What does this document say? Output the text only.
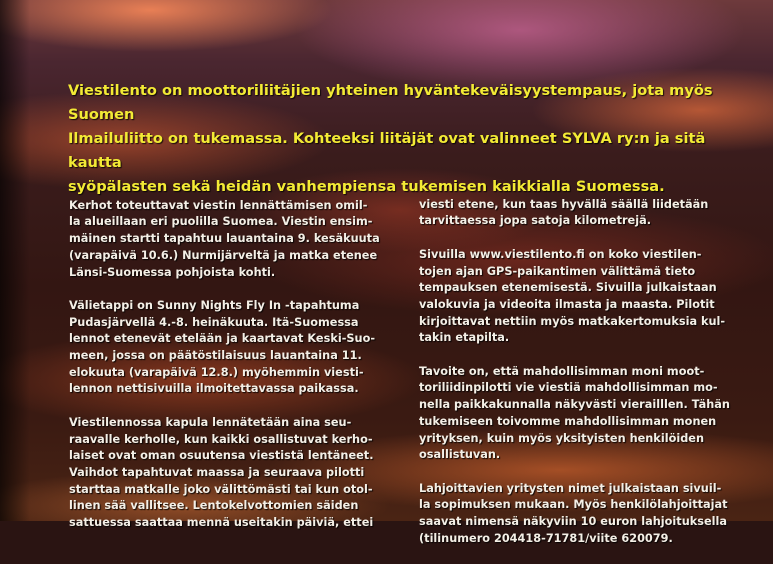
Viestilento on moottoriliitäjien yhteinen hyväntekeväisyystempaus, jota myös Suomen
Ilmailuliitto on tukemassa. Kohteeksi liitäjät ovat valinneet SYLVA ry:n ja sitä kautta
syöpälasten sekä heidän vanhempiensa tukemisen kaikkialla Suomessa.

Kerhot toteuttavat viestin lennättämisen omil-
la alueillaan eri puolilla Suomea. Viestin ensim-
mäinen startti tapahtuu lauantaina 9. kesäkuuta
(varapäivä 10.6.) Nurmijärveltä ja matka etenee
Länsi-Suomessa pohjoista kohti.

Välietappi on Sunny Nights Fly In -tapahtuma
Pudasjärvellä 4.-8. heinäkuuta. Itä-Suomessa
lennot etenevät etelään ja kaartavat Keski-Suo-
meen, jossa on päätöstilaisuus lauantaina 11.
elokuuta (varapäivä 12.8.) myöhemmin viesti-
lennon nettisivuilla ilmoitettavassa paikassa.

Viestilennossa kapula lennätetään aina seu-
raavalle kerholle, kun kaikki osallistuvat kerho-
laiset ovat oman osuutensa viestistä lentäneet.
Vaihdot tapahtuvat maassa ja seuraava pilotti
starttaa matkalle joko välittömästi tai kun otol-
linen sää vallitsee. Lentokelvottomien säiden
sattuessa saattaa mennä useitakin päiviä, ettei

viesti etene, kun taas hyvällä säällä liidetään
tarvittaessa jopa satoja kilometrejä.

Sivuilla www.viestilento.fi on koko viestilen-
tojen ajan GPS-paikantimen välittämä tieto
tempauksen etenemisestä. Sivuilla julkaistaan
valokuvia ja videoita ilmasta ja maasta. Pilotit
kirjoittavat nettiin myös matkakertomuksia kul-
takin etapilta.

Tavoite on, että mahdollisimman moni moot-
toriliidinpilotti vie viestiä mahdollisimman mo-
nella paikkakunnalla näkyvästi vierailllen. Tähän
tukemiseen toivomme mahdollisimman monen
yrityksen, kuin myös yksityisten henkilöiden
osallistuvan.

Lahjoittavien yritysten nimet julkaistaan sivuil-
la sopimuksen mukaan. Myös henkilölahjoittajat
saavat nimensä näkyviin 10 euron lahjoituksella
(tilinumero 204418-71781/viite 620079.
